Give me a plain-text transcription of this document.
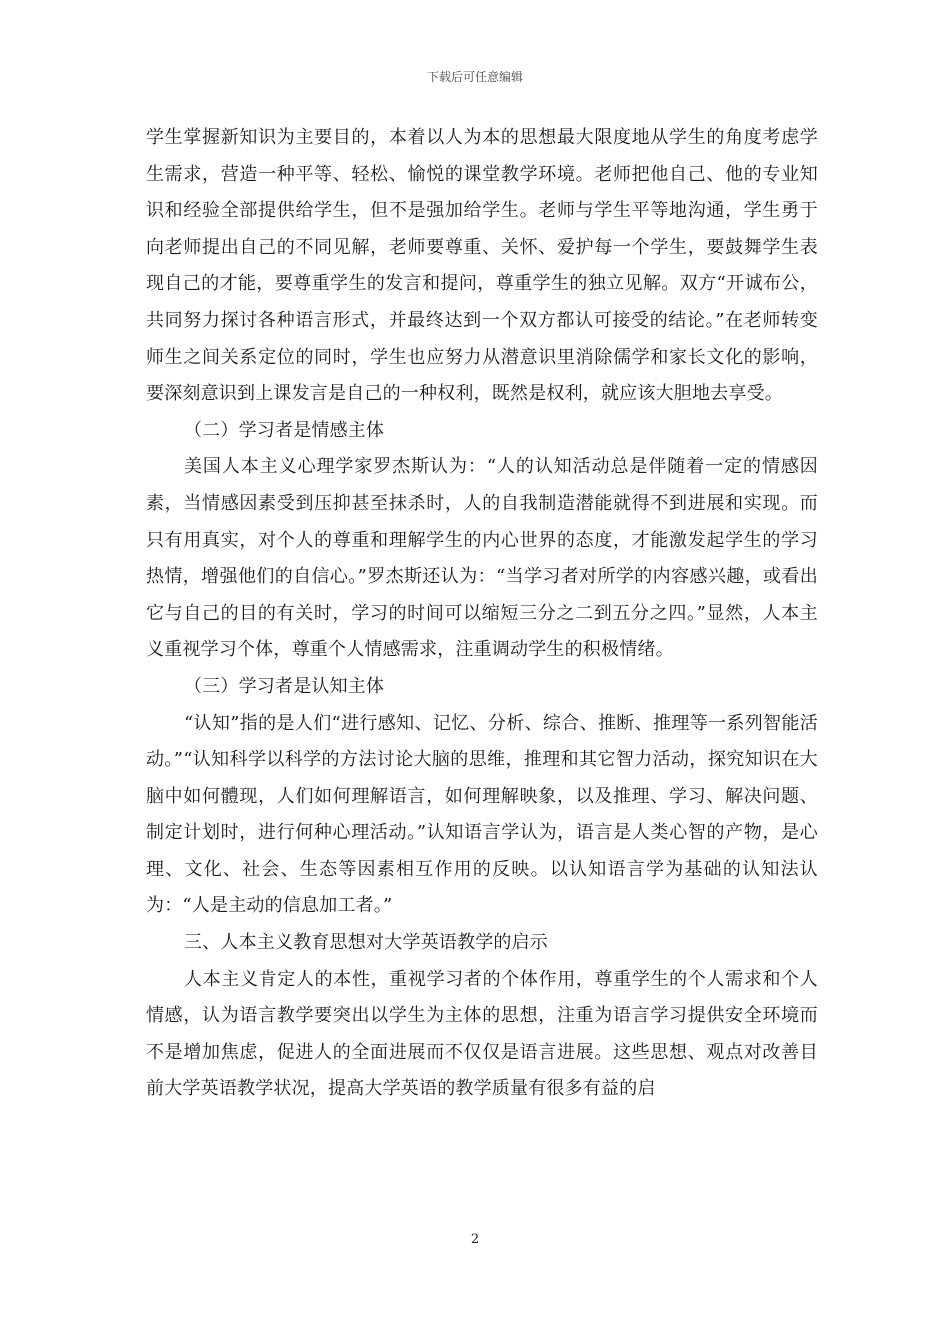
下载后可任意编辑

学生掌握新知识为主要目的，本着以人为本的思想最大限度地从学生的角度考虑学生需求，营造一种平等、轻松、愉悦的课堂教学环境。老师把他自己、他的专业知识和经验全部提供给学生，但不是强加给学生。老师与学生平等地沟通，学生勇于向老师提出自己的不同见解，老师要尊重、关怀、爱护每一个学生，要鼓舞学生表现自己的才能，要尊重学生的发言和提问，尊重学生的独立见解。双方“开诚布公，共同努力探讨各种语言形式，并最终达到一个双方都认可接受的结论。”在老师转变师生之间关系定位的同时，学生也应努力从潜意识里消除儒学和家长文化的影响，要深刻意识到上课发言是自己的一种权利，既然是权利，就应该大胆地去享受。

（二）学习者是情感主体

美国人本主义心理学家罗杰斯认为：“人的认知活动总是伴随着一定的情感因素，当情感因素受到压抑甚至抹杀时，人的自我制造潜能就得不到进展和实现。而只有用真实，对个人的尊重和理解学生的内心世界的态度，才能激发起学生的学习热情，增强他们的自信心。”罗杰斯还认为：“当学习者对所学的内容感兴趣，或看出它与自己的目的有关时，学习的时间可以缩短三分之二到五分之四。”显然，人本主义重视学习个体，尊重个人情感需求，注重调动学生的积极情绪。

（三）学习者是认知主体

“认知”指的是人们“进行感知、记忆、分析、综合、推断、推理等一系列智能活动。”“认知科学以科学的方法讨论大脑的思维，推理和其它智力活动，探究知识在大脑中如何體现，人们如何理解语言，如何理解映象，以及推理、学习、解决问题、制定计划时，进行何种心理活动。”认知语言学认为，语言是人类心智的产物，是心理、文化、社会、生态等因素相互作用的反映。以认知语言学为基础的认知法认为：“人是主动的信息加工者。”

三、人本主义教育思想对大学英语教学的启示

人本主义肯定人的本性，重视学习者的个体作用，尊重学生的个人需求和个人情感，认为语言教学要突出以学生为主体的思想，注重为语言学习提供安全环境而不是增加焦虑，促进人的全面进展而不仅仅是语言进展。这些思想、观点对改善目前大学英语教学状况，提高大学英语的教学质量有很多有益的启

2
